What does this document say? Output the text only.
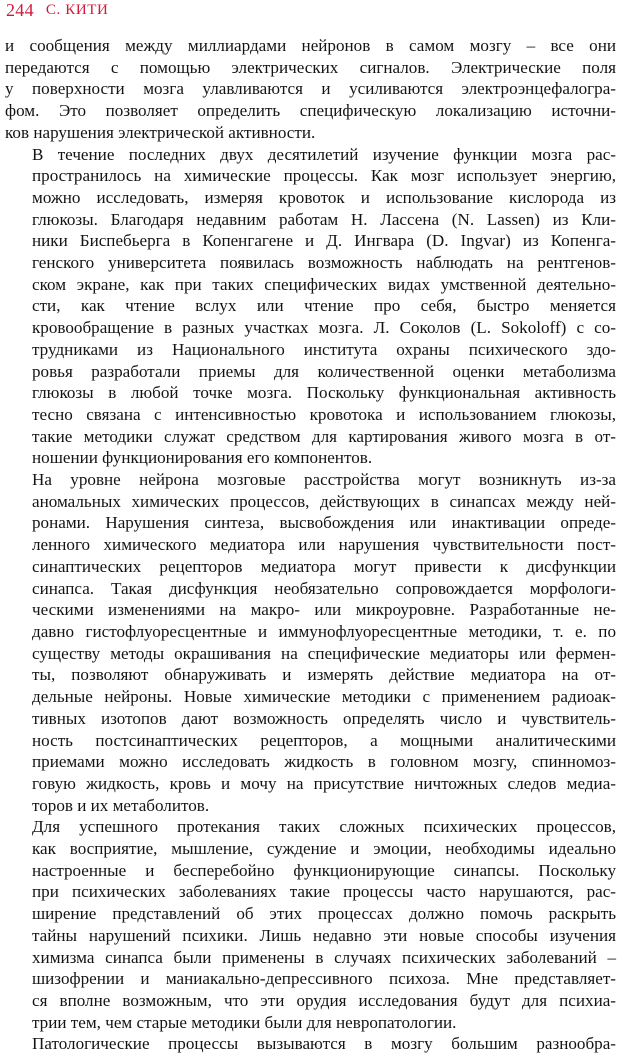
244 С. КИТИ

и сообщения между миллиардами нейронов в самом мозгу – все они
передаются с помощью электрических сигналов. Электрические поля
у поверхности мозга улавливаются и усиливаются электроэнцефалогра-
фом. Это позволяет определить специфическую локализацию источни-
ков нарушения электрической активности.

В течение последних двух десятилетий изучение функции мозга рас-
пространилось на химические процессы. Как мозг использует энергию,
можно исследовать, измеряя кровоток и использование кислорода из
глюкозы. Благодаря недавним работам Н. Лассена (N. Lassen) из Кли-
ники Биспебьерга в Копенгагене и Д. Ингвара (D. Ingvar) из Копенга-
генского университета появилась возможность наблюдать на рентгенов-
ском экране, как при таких специфических видах умственной деятельно-
сти, как чтение вслух или чтение про себя, быстро меняется
кровообращение в разных участках мозга. Л. Соколов (L. Sokoloff) с со-
трудниками из Национального института охраны психического здо-
ровья разработали приемы для количественной оценки метаболизма
глюкозы в любой точке мозга. Поскольку функциональная активность
тесно связана с интенсивностью кровотока и использованием глюкозы,
такие методики служат средством для картирования живого мозга в от-
ношении функционирования его компонентов.

На уровне нейрона мозговые расстройства могут возникнуть из-за
аномальных химических процессов, действующих в синапсах между ней-
ронами. Нарушения синтеза, высвобождения или инактивации опреде-
ленного химического медиатора или нарушения чувствительности пост-
синаптических рецепторов медиатора могут привести к дисфункции
синапса. Такая дисфункция необязательно сопровождается морфологи-
ческими изменениями на макро- или микроуровне. Разработанные не-
давно гистофлуоресцентные и иммунофлуоресцентные методики, т. е. по
существу методы окрашивания на специфические медиаторы или фермен-
ты, позволяют обнаруживать и измерять действие медиатора на от-
дельные нейроны. Новые химические методики с применением радиоак-
тивных изотопов дают возможность определять число и чувствитель-
ность постсинаптических рецепторов, а мощными аналитическими
приемами можно исследовать жидкость в головном мозгу, спинномоз-
говую жидкость, кровь и мочу на присутствие ничтожных следов медиа-
торов и их метаболитов.

Для успешного протекания таких сложных психических процессов,
как восприятие, мышление, суждение и эмоции, необходимы идеально
настроенные и бесперебойно функционирующие синапсы. Поскольку
при психических заболеваниях такие процессы часто нарушаются, рас-
ширение представлений об этих процессах должно помочь раскрыть
тайны нарушений психики. Лишь недавно эти новые способы изучения
химизма синапса были применены в случаях психических заболеваний –
шизофрении и маниакально-депрессивного психоза. Мне представляет-
ся вполне возможным, что эти орудия исследования будут для психиа-
трии тем, чем старые методики были для невропатологии.

Патологические процессы вызываются в мозгу большим разнообра-
